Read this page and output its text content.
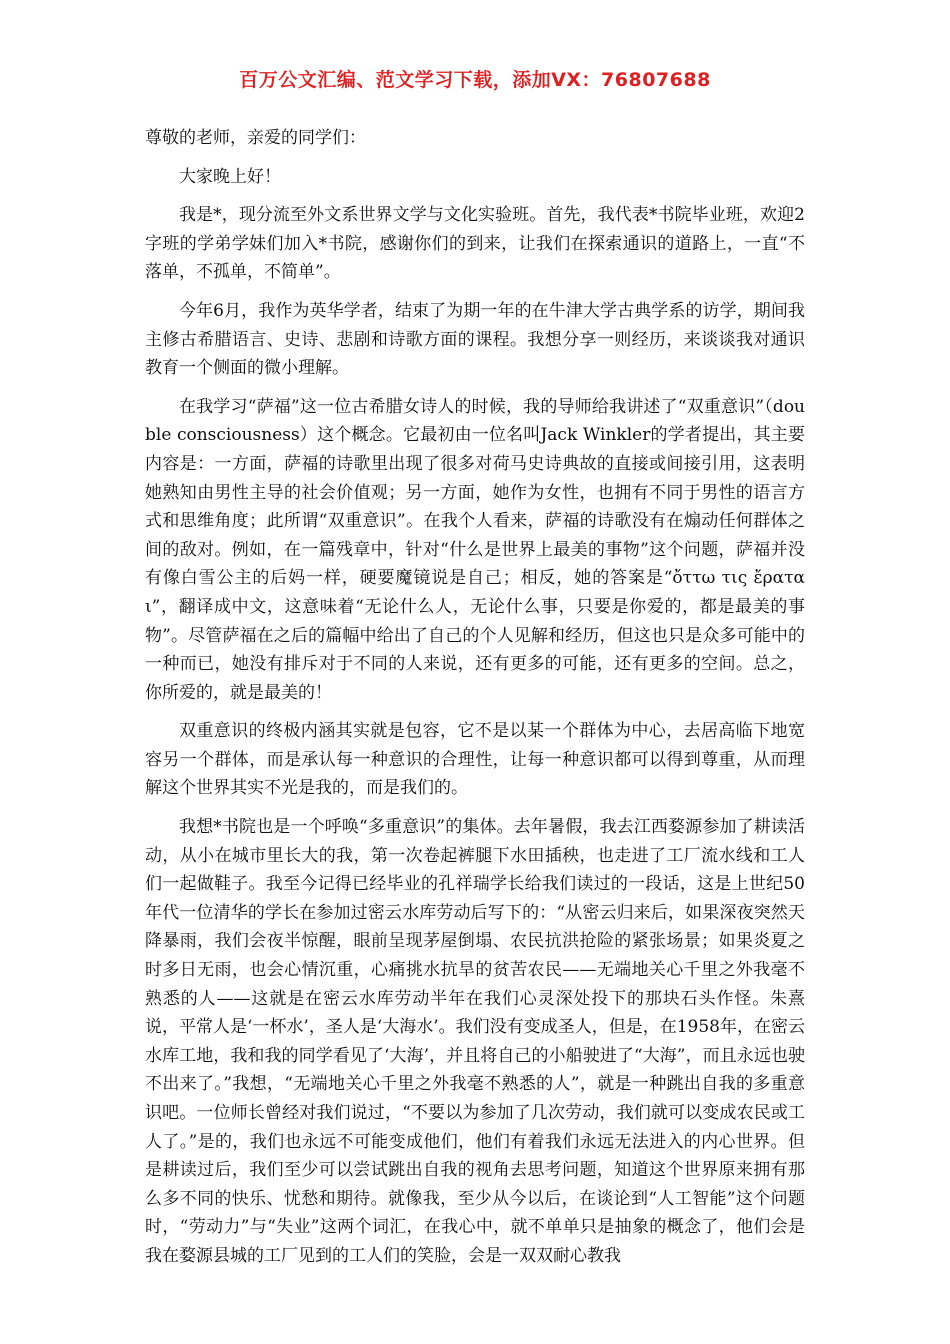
百万公文汇编、范文学习下载，添加VX：76807688

尊敬的老师，亲爱的同学们：

大家晚上好！

我是*，现分流至外文系世界文学与文化实验班。首先，我代表*书院毕业班，欢迎2字班的学弟学妹们加入*书院，感谢你们的到来，让我们在探索通识的道路上，一直“不落单，不孤单，不简单”。

今年6月，我作为英华学者，结束了为期一年的在牛津大学古典学系的访学，期间我主修古希腊语言、史诗、悲剧和诗歌方面的课程。我想分享一则经历，来谈谈我对通识教育一个侧面的微小理解。

在我学习“萨福”这一位古希腊女诗人的时候，我的导师给我讲述了“双重意识”（double consciousness）这个概念。它最初由一位名叫Jack Winkler的学者提出，其主要内容是：一方面，萨福的诗歌里出现了很多对荷马史诗典故的直接或间接引用，这表明她熟知由男性主导的社会价值观；另一方面，她作为女性，也拥有不同于男性的语言方式和思维角度；此所谓“双重意识”。在我个人看来，萨福的诗歌没有在煽动任何群体之间的敌对。例如，在一篇残章中，针对“什么是世界上最美的事物”这个问题，萨福并没有像白雪公主的后妈一样，硬要魔镜说是自己；相反，她的答案是“ὄττω τις ἔραται”，翻译成中文，这意味着“无论什么人，无论什么事，只要是你爱的，都是最美的事物”。尽管萨福在之后的篇幅中给出了自己的个人见解和经历，但这也只是众多可能中的一种而已，她没有排斥对于不同的人来说，还有更多的可能，还有更多的空间。总之，你所爱的，就是最美的！

双重意识的终极内涵其实就是包容，它不是以某一个群体为中心，去居高临下地宽容另一个群体，而是承认每一种意识的合理性，让每一种意识都可以得到尊重，从而理解这个世界其实不光是我的，而是我们的。

我想*书院也是一个呼唤“多重意识”的集体。去年暑假，我去江西婺源参加了耕读活动，从小在城市里长大的我，第一次卷起裤腿下水田插秧，也走进了工厂流水线和工人们一起做鞋子。我至今记得已经毕业的孔祥瑞学长给我们读过的一段话，这是上世纪50年代一位清华的学长在参加过密云水库劳动后写下的：“从密云归来后，如果深夜突然天降暴雨，我们会夜半惊醒，眼前呈现茅屋倒塌、农民抗洪抢险的紧张场景；如果炎夏之时多日无雨，也会心情沉重，心痛挑水抗旱的贫苦农民——无端地关心千里之外我毫不熟悉的人——这就是在密云水库劳动半年在我们心灵深处投下的那块石头作怪。朱熹说，平常人是‘一杯水’，圣人是‘大海水’。我们没有变成圣人，但是，在1958年，在密云水库工地，我和我的同学看见了‘大海’，并且将自己的小船驶进了“大海”，而且永远也驶不出来了。”我想，“无端地关心千里之外我毫不熟悉的人”，就是一种跳出自我的多重意识吧。一位师长曾经对我们说过，“不要以为参加了几次劳动，我们就可以变成农民或工人了。”是的，我们也永远不可能变成他们，他们有着我们永远无法进入的内心世界。但是耕读过后，我们至少可以尝试跳出自我的视角去思考问题，知道这个世界原来拥有那么多不同的快乐、忧愁和期待。就像我，至少从今以后，在谈论到“人工智能”这个问题时，“劳动力”与“失业”这两个词汇，在我心中，就不单单只是抽象的概念了，他们会是我在婺源县城的工厂见到的工人们的笑脸，会是一双双耐心教我
